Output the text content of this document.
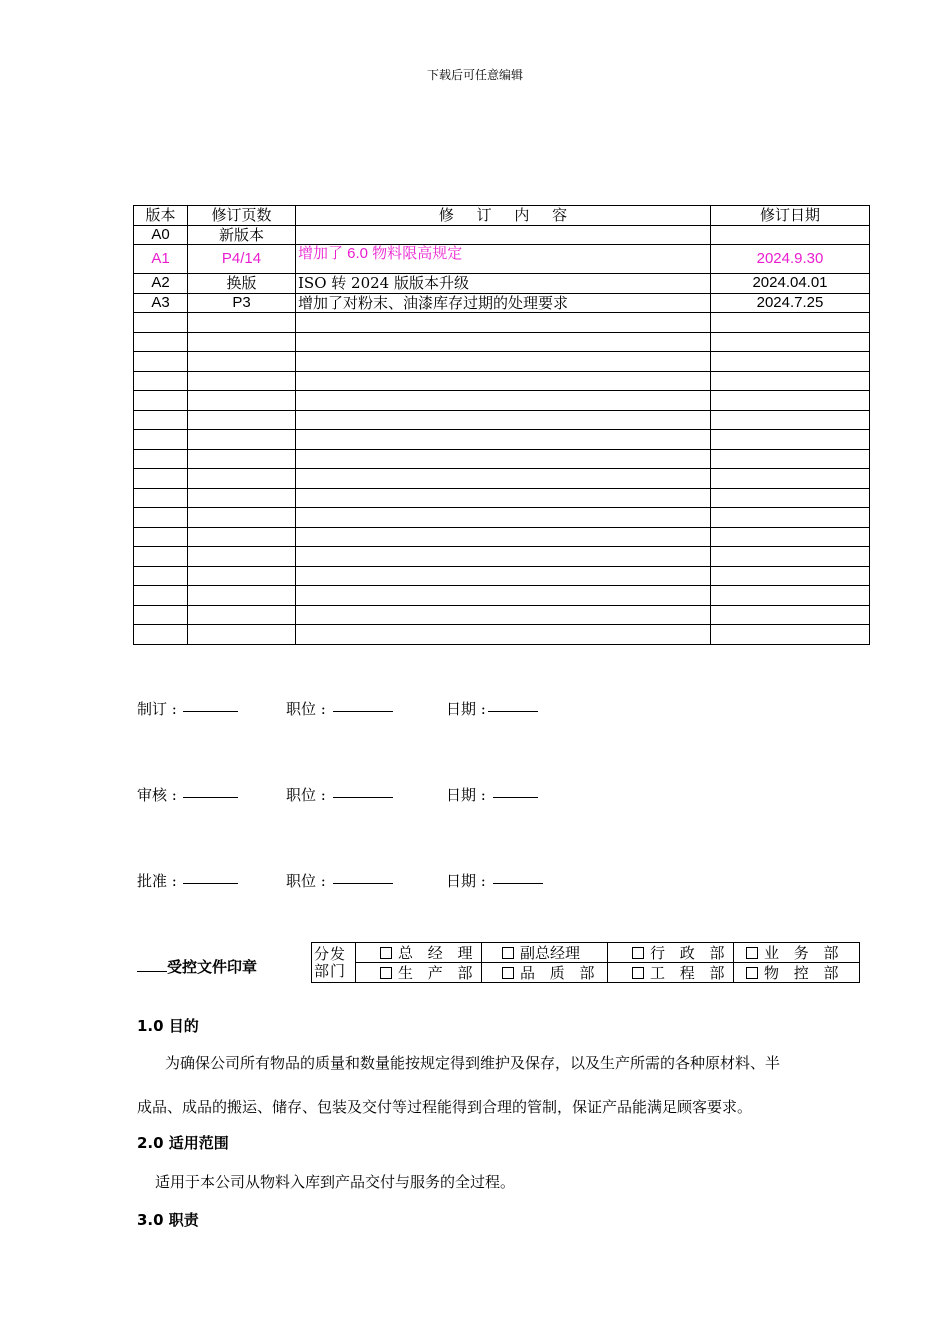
下载后可任意编辑
版本	修订页数	修 订 内 容	修订日期
A0	新版本		
A1	P4/14	增加了 6.0 物料限高规定	2024.9.30
A2	换版	ISO 转 2024 版版本升级	2024.04.01
A3	P3	增加了对粉末、油漆库存过期的处理要求	2024.7.25

制订 :	职位 :	日期 :
审核 :	职位 :	日期 :
批准 :	职位 :	日期 :
受控文件印章
分发部门	总 经 理	副总经理	行 政 部	业 务 部
	生 产 部	品 质 部	工 程 部	物 控 部
1.0 目的
为确保公司所有物品的质量和数量能按规定得到维护及保存，以及生产所需的各种原材料、半
成品、成品的搬运、储存、包装及交付等过程能得到合理的管制，保证产品能满足顾客要求。
2.0 适用范围
适用于本公司从物料入库到产品交付与服务的全过程。
3.0 职责
